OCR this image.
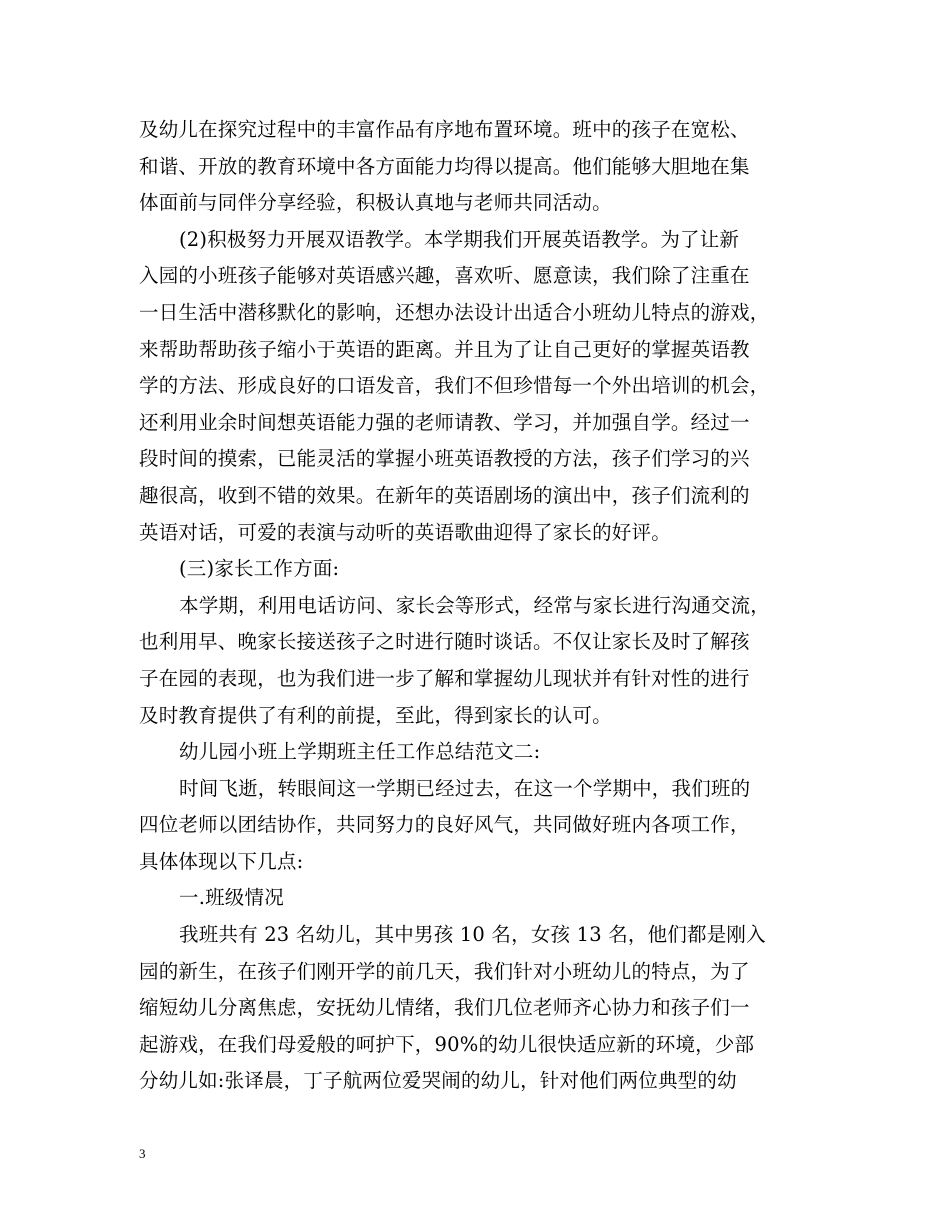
及幼儿在探究过程中的丰富作品有序地布置环境。班中的孩子在宽松、
和谐、开放的教育环境中各方面能力均得以提高。他们能够大胆地在集
体面前与同伴分享经验，积极认真地与老师共同活动。
(2)积极努力开展双语教学。本学期我们开展英语教学。为了让新
入园的小班孩子能够对英语感兴趣，喜欢听、愿意读，我们除了注重在
一日生活中潜移默化的影响，还想办法设计出适合小班幼儿特点的游戏，
来帮助帮助孩子缩小于英语的距离。并且为了让自己更好的掌握英语教
学的方法、形成良好的口语发音，我们不但珍惜每一个外出培训的机会，
还利用业余时间想英语能力强的老师请教、学习，并加强自学。经过一
段时间的摸索，已能灵活的掌握小班英语教授的方法，孩子们学习的兴
趣很高，收到不错的效果。在新年的英语剧场的演出中，孩子们流利的
英语对话，可爱的表演与动听的英语歌曲迎得了家长的好评。
(三)家长工作方面:
本学期，利用电话访问、家长会等形式，经常与家长进行沟通交流，
也利用早、晚家长接送孩子之时进行随时谈话。不仅让家长及时了解孩
子在园的表现，也为我们进一步了解和掌握幼儿现状并有针对性的进行
及时教育提供了有利的前提，至此，得到家长的认可。
幼儿园小班上学期班主任工作总结范文二:
时间飞逝，转眼间这一学期已经过去，在这一个学期中，我们班的
四位老师以团结协作，共同努力的良好风气，共同做好班内各项工作，
具体体现以下几点:
一.班级情况
我班共有 23 名幼儿，其中男孩 10 名，女孩 13 名，他们都是刚入
园的新生，在孩子们刚开学的前几天，我们针对小班幼儿的特点，为了
缩短幼儿分离焦虑，安抚幼儿情绪，我们几位老师齐心协力和孩子们一
起游戏，在我们母爱般的呵护下，90%的幼儿很快适应新的环境，少部
分幼儿如:张译晨，丁子航两位爱哭闹的幼儿，针对他们两位典型的幼
3
